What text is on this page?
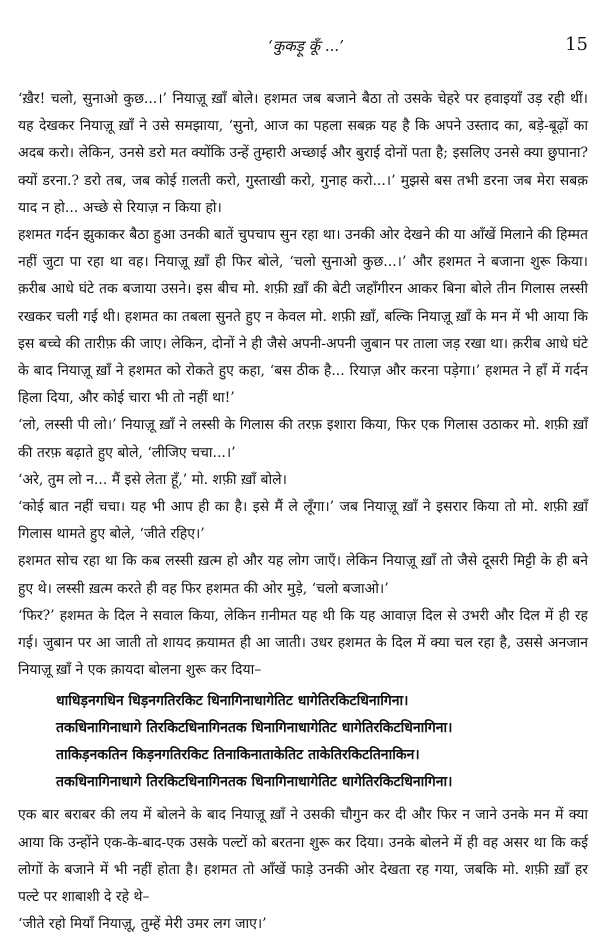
‘कुकड़ू कूँ ...’	15

‘ख़ैर! चलो, सुनाओ कुछ...।’ नियाज़ू ख़ाँ बोले। हशमत जब बजाने बैठा तो उसके चेहरे पर हवाइयाँ उड़ रही थीं। यह देखकर नियाज़ू ख़ाँ ने उसे समझाया, ‘सुनो, आज का पहला सबक़ यह है कि अपने उस्ताद का, बड़े-बूढ़ों का अदब करो। लेकिन, उनसे डरो मत क्योंकि उन्हें तुम्हारी अच्छाई और बुराई दोनों पता है; इसलिए उनसे क्या छुपाना? क्यों डरना.? डरो तब, जब कोई ग़लती करो, गुस्ताखी करो, गुनाह करो...।’ मुझसे बस तभी डरना जब मेरा सबक़ याद न हो... अच्छे से रियाज़ न किया हो।

हशमत गर्दन झुकाकर बैठा हुआ उनकी बातें चुपचाप सुन रहा था। उनकी ओर देखने की या आँखें मिलाने की हिम्मत नहीं जुटा पा रहा था वह। नियाज़ू ख़ाँ ही फिर बोले, ‘चलो सुनाओ कुछ...।’ और हशमत ने बजाना शुरू किया। क़रीब आधे घंटे तक बजाया उसने। इस बीच मो. शफ़ी ख़ाँ की बेटी जहाँगीरन आकर बिना बोले तीन गिलास लस्सी रखकर चली गई थी। हशमत का तबला सुनते हुए न केवल मो. शफ़ी ख़ाँ, बल्कि नियाज़ू ख़ाँ के मन में भी आया कि इस बच्चे की तारीफ़ की जाए। लेकिन, दोनों ने ही जैसे अपनी-अपनी जुबान पर ताला जड़ रखा था। क़रीब आधे घंटे के बाद नियाज़ू ख़ाँ ने हशमत को रोकते हुए कहा, ‘बस ठीक है... रियाज़ और करना पड़ेगा।’ हशमत ने हाँ में गर्दन हिला दिया, और कोई चारा भी तो नहीं था!’

‘लो, लस्सी पी लो।’ नियाज़ू ख़ाँ ने लस्सी के गिलास की तरफ़ इशारा किया, फिर एक गिलास उठाकर मो. शफ़ी ख़ाँ की तरफ़ बढ़ाते हुए बोले, ‘लीजिए चचा...।’

‘अरे, तुम लो न... मैं इसे लेता हूँ,’ मो. शफ़ी ख़ाँ बोले।

‘कोई बात नहीं चचा। यह भी आप ही का है। इसे मैं ले लूँगा।’ जब नियाज़ू ख़ाँ ने इसरार किया तो मो. शफ़ी ख़ाँ गिलास थामते हुए बोले, ‘जीते रहिए।’

हशमत सोच रहा था कि कब लस्सी ख़त्म हो और यह लोग जाएँ। लेकिन नियाज़ू ख़ाँ तो जैसे दूसरी मिट्टी के ही बने हुए थे। लस्सी ख़त्म करते ही वह फिर हशमत की ओर मुड़े, ‘चलो बजाओ।’

‘फिर?’ हशमत के दिल ने सवाल किया, लेकिन ग़नीमत यह थी कि यह आवाज़ दिल से उभरी और दिल में ही रह गई। जुबान पर आ जाती तो शायद क़यामत ही आ जाती। उधर हशमत के दिल में क्या चल रहा है, उससे अनजान नियाज़ू ख़ाँ ने एक क़ायदा बोलना शुरू कर दिया–

धाधिड़नगधिन धिड़नगतिरकिट धिनागिनाधागेतिट धागेतिरकिटधिनागिना।
तकधिनागिनाधागे तिरकिटधिनागिनतक धिनागिनाधागेतिट धागेतिरकिटधिनागिना।
ताकिड़नकतिन किड़नगतिरकिट तिनाकिनाताकेतिट ताकेतिरकिटतिनाकिन।
तकधिनागिनाधागे तिरकिटधिनागिनतक धिनागिनाधागेतिट धागेतिरकिटधिनागिना।

एक बार बराबर की लय में बोलने के बाद नियाज़ू ख़ाँ ने उसकी चौगुन कर दी और फिर न जाने उनके मन में क्या आया कि उन्होंने एक-के-बाद-एक उसके पल्टों को बरतना शुरू कर दिया। उनके बोलने में ही वह असर था कि कई लोगों के बजाने में भी नहीं होता है। हशमत तो आँखें फाड़े उनकी ओर देखता रह गया, जबकि मो. शफ़ी ख़ाँ हर पल्टे पर शाबाशी दे रहे थे–

‘जीते रहो मियाँ नियाज़ू, तुम्हें मेरी उमर लग जाए।’
